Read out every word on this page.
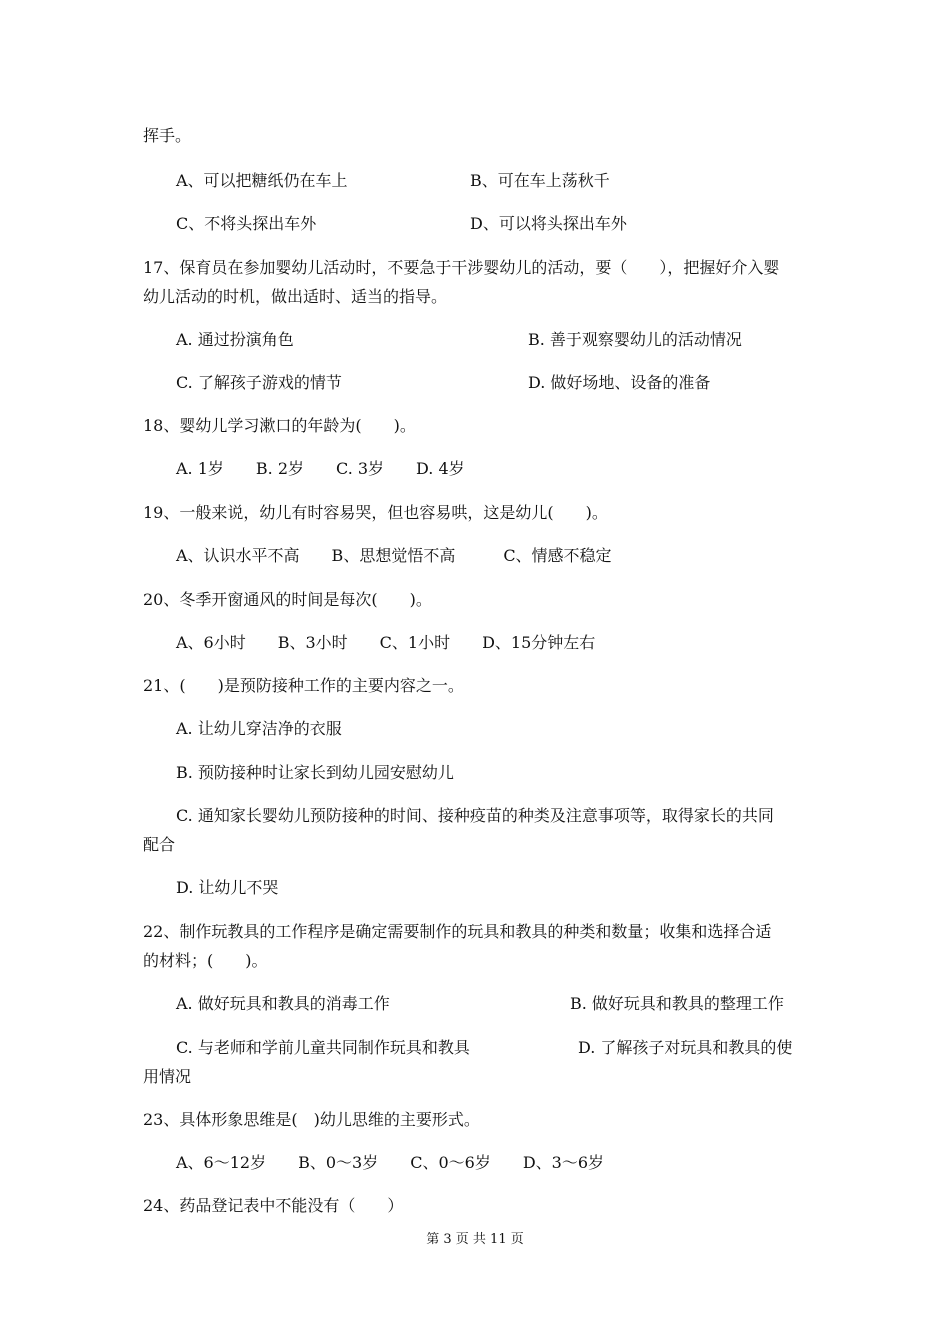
挥手。
A、可以把糖纸仍在车上	B、可在车上荡秋千
C、不将头探出车外	D、可以将头探出车外
17、保育员在参加婴幼儿活动时，不要急于干涉婴幼儿的活动，要（　　），把握好介入婴
幼儿活动的时机，做出适时、适当的指导。
A. 通过扮演角色	B. 善于观察婴幼儿的活动情况
C. 了解孩子游戏的情节	D. 做好场地、设备的准备
18、婴幼儿学习漱口的年龄为(　　)。
A. 1岁　　B. 2岁　　C. 3岁　　D. 4岁
19、一般来说，幼儿有时容易哭，但也容易哄，这是幼儿(　　)。
A、认识水平不高　　B、思想觉悟不高　　　C、情感不稳定
20、冬季开窗通风的时间是每次(　　)。
A、6小时　　B、3小时　　C、1小时　　D、15分钟左右
21、(　　)是预防接种工作的主要内容之一。
A. 让幼儿穿洁净的衣服
B. 预防接种时让家长到幼儿园安慰幼儿
C. 通知家长婴幼儿预防接种的时间、接种疫苗的种类及注意事项等，取得家长的共同
配合
D. 让幼儿不哭
22、制作玩教具的工作程序是确定需要制作的玩具和教具的种类和数量；收集和选择合适
的材料；(　　)。
A. 做好玩具和教具的消毒工作	B. 做好玩具和教具的整理工作
C. 与老师和学前儿童共同制作玩具和教具	D. 了解孩子对玩具和教具的使
用情况
23、具体形象思维是(　)幼儿思维的主要形式。
A、6～12岁　　B、0～3岁　　C、0～6岁　　D、3～6岁
24、药品登记表中不能没有（　　）
第 3 页 共 11 页
